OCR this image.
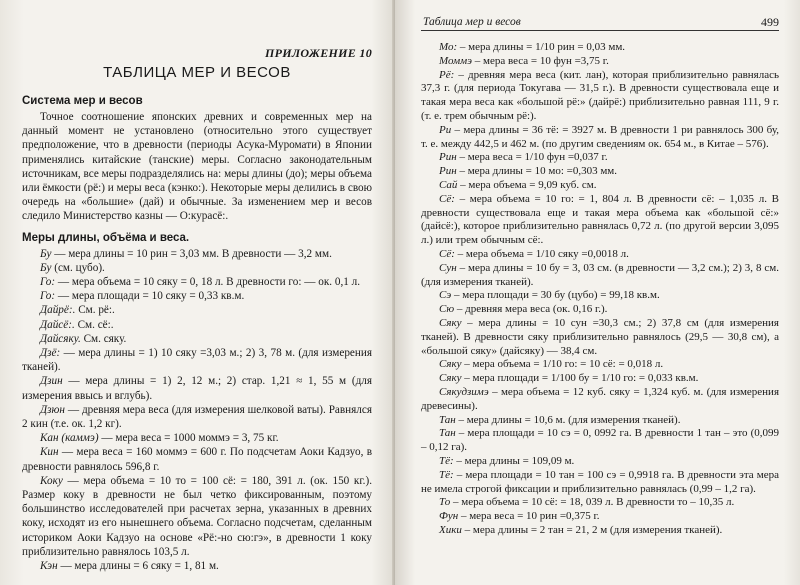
ПРИЛОЖЕНИЕ 10

ТАБЛИЦА МЕР И ВЕСОВ

Система мер и весов

Точное соотношение японских древних и современных мер на данный момент не установлено (относительно этого существует предположение, что в древности (периоды Асука-Муромати) в Японии применялись китайские (танские) меры. Согласно законодательным источникам, все меры подразделялись на: меры длины (до); меры объема или ёмкости (рё:) и меры веса (кэнко:). Некоторые меры делились в свою очередь на «большие» (дай) и обычные. За изменением мер и весов следило Министерство казны — О:курасё:.

Меры длины, объёма и веса.

Бу — мера длины = 10 рин = 3,03 мм. В древности — 3,2 мм.

Бу (см. цубо).

Го: — мера объема = 10 сяку = 0, 18 л. В древности го: — ок. 0,1 л.

Го: — мера площади = 10 сяку = 0,33 кв.м.

Дайрё:. См. рё:.

Дайсё:. См. сё:.

Дайсяку. См. сяку.

Дзё: — мера длины = 1) 10 сяку =3,03 м.; 2) 3, 78 м. (для измерения тканей).

Дзин — мера длины = 1) 2, 12 м.; 2) стар. 1,21 ≈ 1, 55 м (для измерения ввысь и вглубь).

Дзюн — древняя мера веса (для измерения шелковой ваты). Равнялся 2 кин (т.е. ок. 1,2 кг).

Кан (каммэ) — мера веса = 1000 моммэ = 3, 75 кг.

Кин — мера веса = 160 моммэ = 600 г. По подсчетам Аоки Кадзуо, в древности равнялось 596,8 г.

Коку — мера объема = 10 то = 100 сё: = 180, 391 л. (ок. 150 кг.). Размер коку в древности не был четко фиксированным, поэтому большинство исследователей при расчетах зерна, указанных в древних коку, исходят из его нынешнего объема. Согласно подсчетам, сделанным историком Аоки Кадзуо на основе «Рё:-но сю:гэ», в древности 1 коку приблизительно равнялось 103,5 л.

Кэн — мера длины = 6 сяку = 1, 81 м.

Таблица мер и весов	499

Мо: – мера длины = 1/10 рин = 0,03 мм.

Моммэ – мера веса = 10 фун =3,75 г.

Рё: – древняя мера веса (кит. лан), которая приблизительно равнялась 37,3 г. (для периода Токугава — 31,5 г.). В древности существовала еще и такая мера веса как «большой рё:» (дайрё:) приблизительно равная 111, 9 г. (т. е. трем обычным рё:).

Ри – мера длины = 36 тё: = 3927 м. В древности 1 ри равнялось 300 бу, т. е. между 442,5 и 462 м. (по другим сведениям ок. 654 м., в Китае – 576).

Рин – мера веса = 1/10 фун =0,037 г.

Рин – мера длины = 10 мо: =0,303 мм.

Сай – мера объема = 9,09 куб. см.

Сё: – мера объема = 10 го: = 1, 804 л. В древности сё: – 1,035 л. В древности существовала еще и такая мера объема как «большой сё:» (дайсё:), которое приблизительно равнялась 0,72 л. (по другой версии 3,095 л.) или трем обычным сё:.

Сё: – мера объема = 1/10 сяку =0,0018 л.

Сун – мера длины = 10 бу = 3, 03 см. (в древности — 3,2 см.); 2) 3, 8 см. (для измерения тканей).

Сэ – мера площади = 30 бу (цубо) = 99,18 кв.м.

Сю – древняя мера веса (ок. 0,16 г.).

Сяку – мера длины = 10 сун =30,3 см.; 2) 37,8 см (для измерения тканей). В древности сяку приблизительно равнялось (29,5 — 30,8 см), а «большой сяку» (дайсяку) — 38,4 см.

Сяку – мера объема = 1/10 го: = 10 сё: = 0,018 л.

Сяку – мера площади = 1/100 бу = 1/10 го: = 0,033 кв.м.

Сякудзимэ – мера объема = 12 куб. сяку = 1,324 куб. м. (для измерения древесины).

Тан – мера длины = 10,6 м. (для измерения тканей).

Тан – мера площади = 10 сэ = 0, 0992 га. В древности 1 тан – это (0,099 – 0,12 га).

Тё: – мера длины = 109,09 м.

Тё: – мера площади = 10 тан = 100 сэ = 0,9918 га. В древности эта мера не имела строгой фиксации и приблизительно равнялась (0,99 – 1,2 га).

То – мера объема = 10 сё: = 18, 039 л. В древности то – 10,35 л.

Фун – мера веса = 10 рин =0,375 г.

Хики – мера длины = 2 тан = 21, 2 м (для измерения тканей).
